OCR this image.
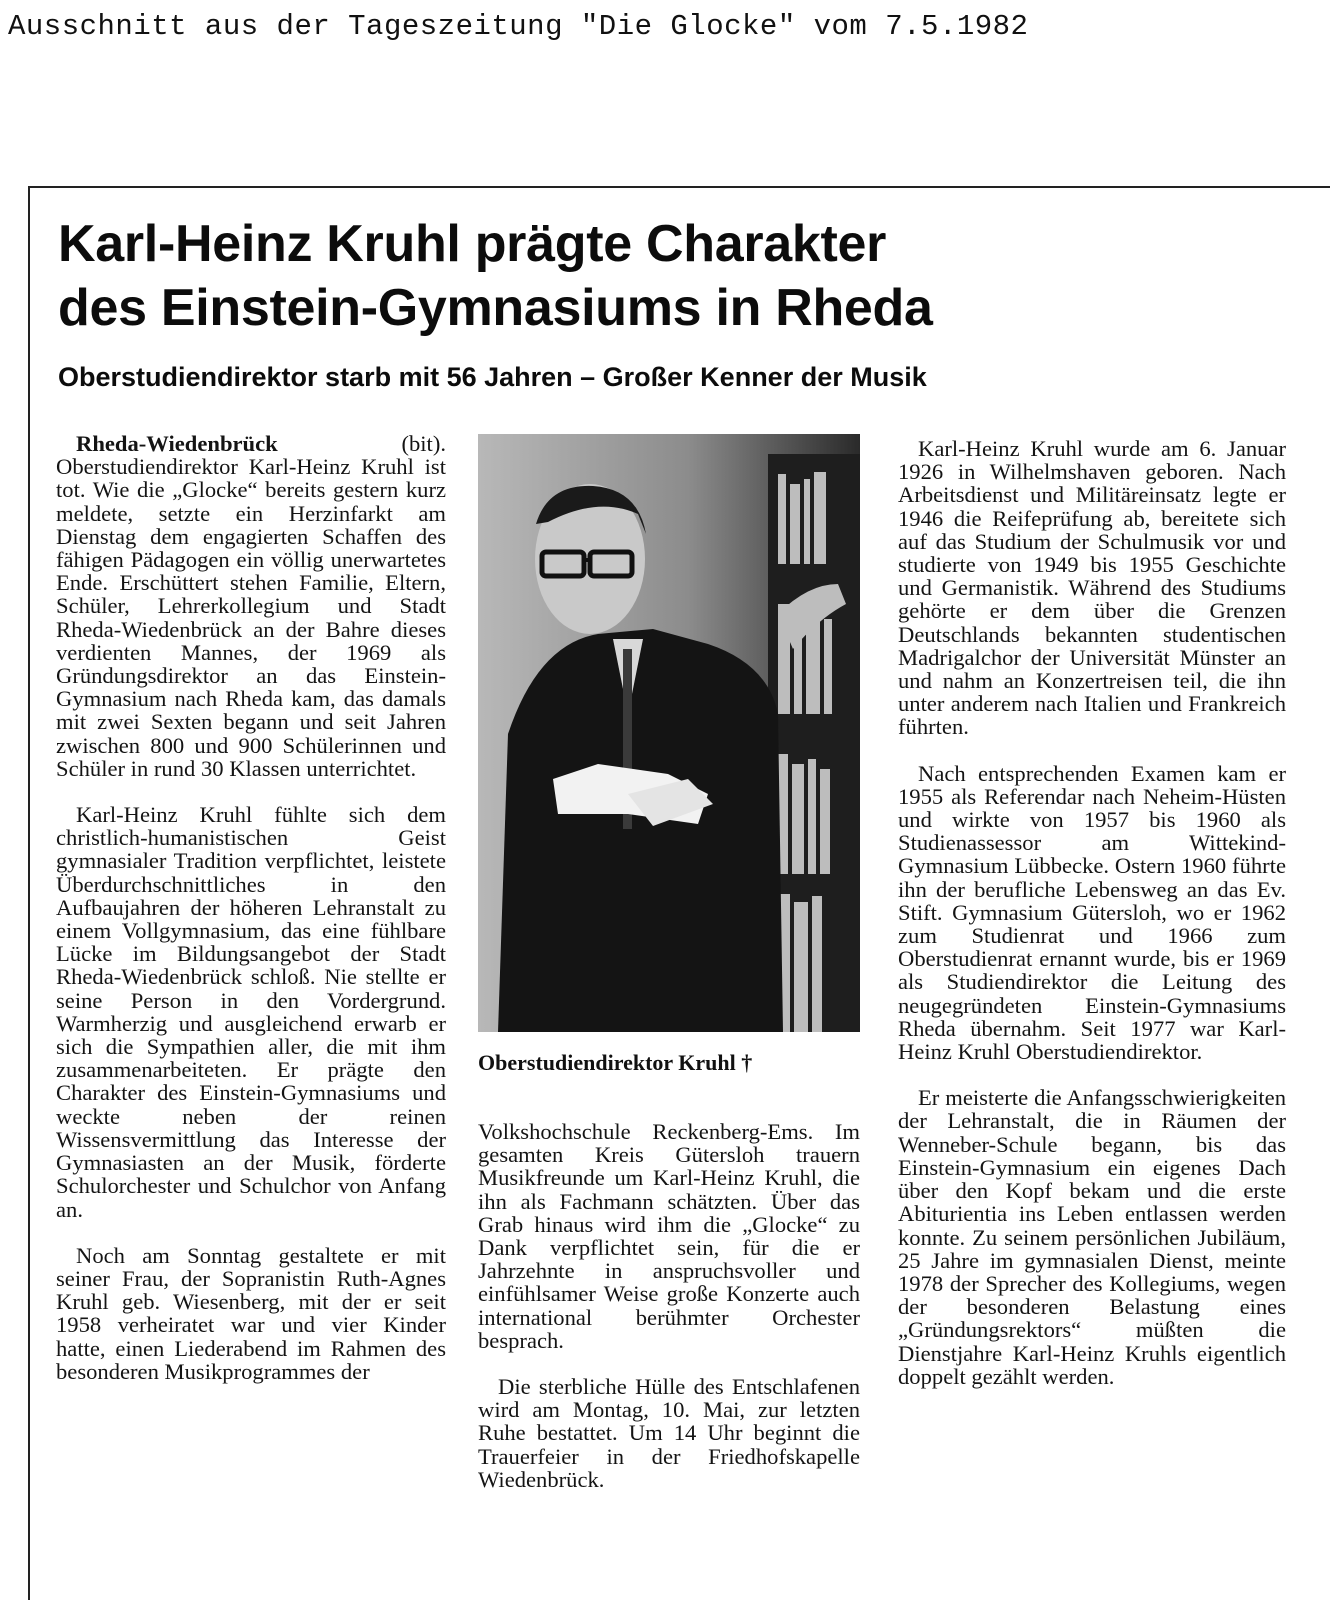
Ausschnitt aus der Tageszeitung "Die Glocke" vom 7.5.1982
Karl-Heinz Kruhl prägte Charakter
des Einstein-Gymnasiums in Rheda
Oberstudiendirektor starb mit 56 Jahren – Großer Kenner der Musik

Rheda-Wiedenbrück (bit). Oberstudiendirektor Karl-Heinz Kruhl ist tot. Wie die „Glocke“ bereits gestern kurz meldete, setzte ein Herzinfarkt am Dienstag dem engagierten Schaffen des fähigen Pädagogen ein völlig unerwartetes Ende. Erschüttert stehen Familie, Eltern, Schüler, Lehrerkollegium und Stadt Rheda-Wiedenbrück an der Bahre dieses verdienten Mannes, der 1969 als Gründungsdirektor an das Einstein-Gymnasium nach Rheda kam, das damals mit zwei Sexten begann und seit Jahren zwischen 800 und 900 Schülerinnen und Schüler in rund 30 Klassen unterrichtet.

Karl-Heinz Kruhl fühlte sich dem christlich-humanistischen Geist gymnasialer Tradition verpflichtet, leistete Überdurchschnittliches in den Aufbaujahren der höheren Lehranstalt zu einem Vollgymnasium, das eine fühlbare Lücke im Bildungsangebot der Stadt Rheda-Wiedenbrück schloß. Nie stellte er seine Person in den Vordergrund. Warmherzig und ausgleichend erwarb er sich die Sympathien aller, die mit ihm zusammenarbeiteten. Er prägte den Charakter des Einstein-Gymnasiums und weckte neben der reinen Wissensvermittlung das Interesse der Gymnasiasten an der Musik, förderte Schulorchester und Schulchor von Anfang an.

Noch am Sonntag gestaltete er mit seiner Frau, der Sopranistin Ruth-Agnes Kruhl geb. Wiesenberg, mit der er seit 1958 verheiratet war und vier Kinder hatte, einen Liederabend im Rahmen des besonderen Musikprogrammes der

Oberstudiendirektor Kruhl †

Volkshochschule Reckenberg-Ems. Im gesamten Kreis Gütersloh trauern Musikfreunde um Karl-Heinz Kruhl, die ihn als Fachmann schätzten. Über das Grab hinaus wird ihm die „Glocke“ zu Dank verpflichtet sein, für die er Jahrzehnte in anspruchsvoller und einfühlsamer Weise große Konzerte auch international berühmter Orchester besprach.

Die sterbliche Hülle des Entschlafenen wird am Montag, 10. Mai, zur letzten Ruhe bestattet. Um 14 Uhr beginnt die Trauerfeier in der Friedhofskapelle Wiedenbrück.

Karl-Heinz Kruhl wurde am 6. Januar 1926 in Wilhelmshaven geboren. Nach Arbeitsdienst und Militäreinsatz legte er 1946 die Reifeprüfung ab, bereitete sich auf das Studium der Schulmusik vor und studierte von 1949 bis 1955 Geschichte und Germanistik. Während des Studiums gehörte er dem über die Grenzen Deutschlands bekannten studentischen Madrigalchor der Universität Münster an und nahm an Konzertreisen teil, die ihn unter anderem nach Italien und Frankreich führten.

Nach entsprechenden Examen kam er 1955 als Referendar nach Neheim-Hüsten und wirkte von 1957 bis 1960 als Studienassessor am Wittekind-Gymnasium Lübbecke. Ostern 1960 führte ihn der berufliche Lebensweg an das Ev. Stift. Gymnasium Gütersloh, wo er 1962 zum Studienrat und 1966 zum Oberstudienrat ernannt wurde, bis er 1969 als Studiendirektor die Leitung des neugegründeten Einstein-Gymnasiums Rheda übernahm. Seit 1977 war Karl-Heinz Kruhl Oberstudiendirektor.

Er meisterte die Anfangsschwierigkeiten der Lehranstalt, die in Räumen der Wenneber-Schule begann, bis das Einstein-Gymnasium ein eigenes Dach über den Kopf bekam und die erste Abiturientia ins Leben entlassen werden konnte. Zu seinem persönlichen Jubiläum, 25 Jahre im gymnasialen Dienst, meinte 1978 der Sprecher des Kollegiums, wegen der besonderen Belastung eines „Gründungsrektors“ müßten die Dienstjahre Karl-Heinz Kruhls eigentlich doppelt gezählt werden.
